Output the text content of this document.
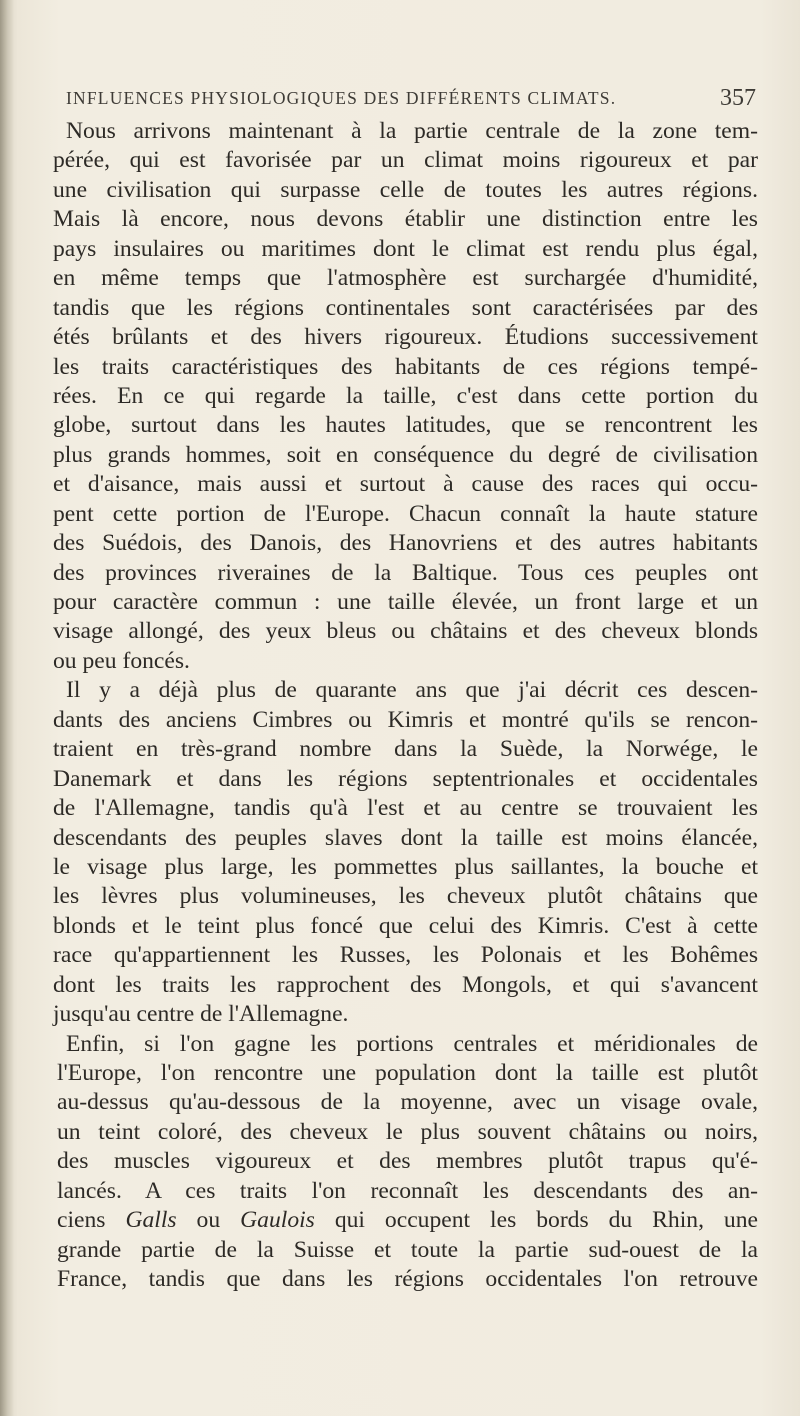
INFLUENCES PHYSIOLOGIQUES DES DIFFÉRENTS CLIMATS.	357
Nous arrivons maintenant à la partie centrale de la zone tem-
pérée, qui est favorisée par un climat moins rigoureux et par
une civilisation qui surpasse celle de toutes les autres régions.
Mais là encore, nous devons établir une distinction entre les
pays insulaires ou maritimes dont le climat est rendu plus égal,
en même temps que l'atmosphère est surchargée d'humidité,
tandis que les régions continentales sont caractérisées par des
étés brûlants et des hivers rigoureux. Étudions successivement
les traits caractéristiques des habitants de ces régions tempé-
rées. En ce qui regarde la taille, c'est dans cette portion du
globe, surtout dans les hautes latitudes, que se rencontrent les
plus grands hommes, soit en conséquence du degré de civilisation
et d'aisance, mais aussi et surtout à cause des races qui occu-
pent cette portion de l'Europe. Chacun connaît la haute stature
des Suédois, des Danois, des Hanovriens et des autres habitants
des provinces riveraines de la Baltique. Tous ces peuples ont
pour caractère commun : une taille élevée, un front large et un
visage allongé, des yeux bleus ou châtains et des cheveux blonds
ou peu foncés.
Il y a déjà plus de quarante ans que j'ai décrit ces descen-
dants des anciens Cimbres ou Kimris et montré qu'ils se rencon-
traient en très-grand nombre dans la Suède, la Norwége, le
Danemark et dans les régions septentrionales et occidentales
de l'Allemagne, tandis qu'à l'est et au centre se trouvaient les
descendants des peuples slaves dont la taille est moins élancée,
le visage plus large, les pommettes plus saillantes, la bouche et
les lèvres plus volumineuses, les cheveux plutôt châtains que
blonds et le teint plus foncé que celui des Kimris. C'est à cette
race qu'appartiennent les Russes, les Polonais et les Bohêmes
dont les traits les rapprochent des Mongols, et qui s'avancent
jusqu'au centre de l'Allemagne.
Enfin, si l'on gagne les portions centrales et méridionales de
l'Europe, l'on rencontre une population dont la taille est plutôt
au-dessus qu'au-dessous de la moyenne, avec un visage ovale,
un teint coloré, des cheveux le plus souvent châtains ou noirs,
des muscles vigoureux et des membres plutôt trapus qu'é-
lancés. A ces traits l'on reconnaît les descendants des an-
ciens Galls ou Gaulois qui occupent les bords du Rhin, une
grande partie de la Suisse et toute la partie sud-ouest de la
France, tandis que dans les régions occidentales l'on retrouve
